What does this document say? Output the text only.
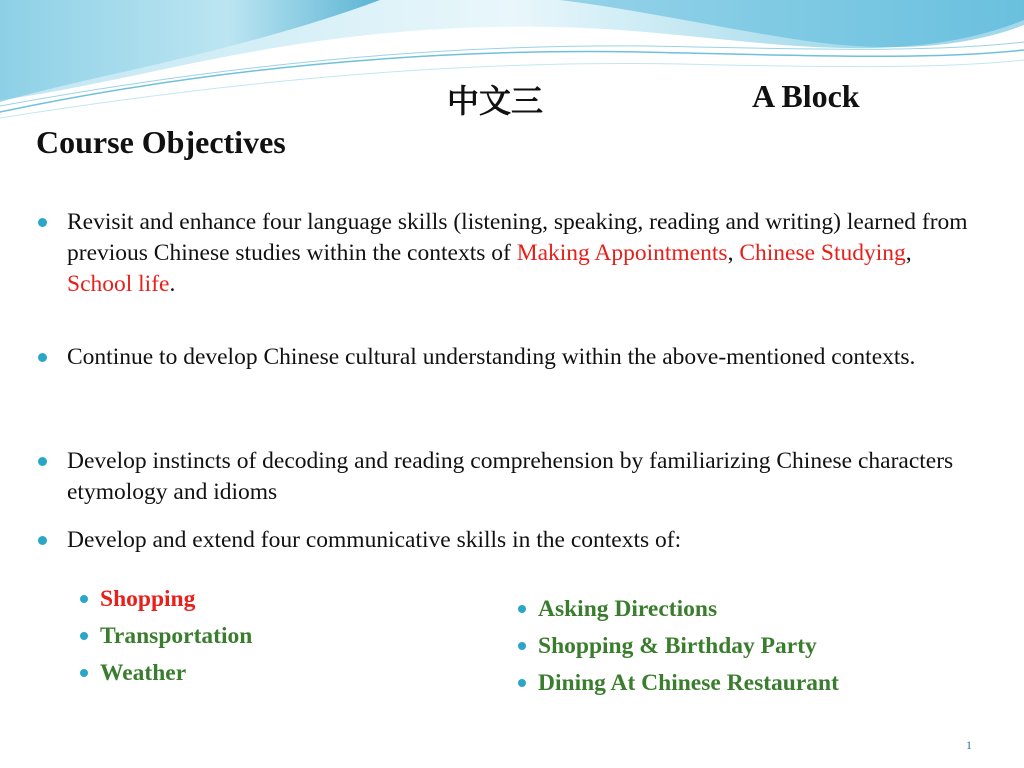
中文三	A Block
Course Objectives
Revisit and enhance four language skills (listening, speaking, reading and writing) learned from previous Chinese studies within the contexts of Making Appointments, Chinese Studying, School life.
Continue to develop Chinese cultural understanding within the above-mentioned contexts.
Develop instincts of decoding and reading comprehension by familiarizing Chinese characters etymology and idioms
Develop and extend four communicative skills in the contexts of:
Shopping
Transportation
Weather
Asking Directions
Shopping & Birthday Party
Dining At Chinese Restaurant
1
